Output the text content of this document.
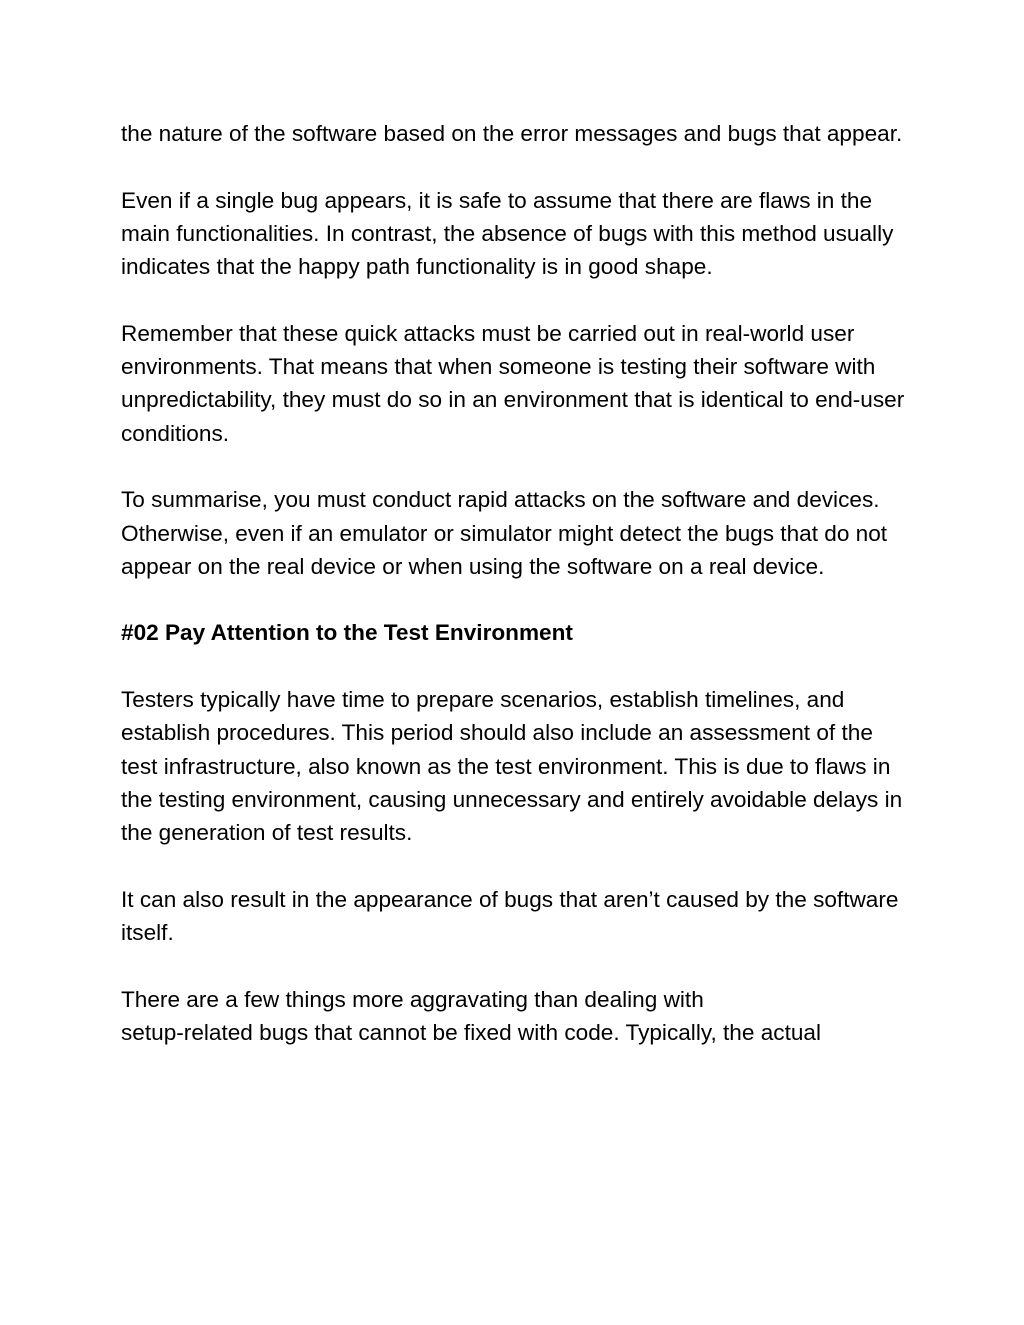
the nature of the software based on the error messages and bugs that appear.

Even if a single bug appears, it is safe to assume that there are flaws in the main functionalities. In contrast, the absence of bugs with this method usually indicates that the happy path functionality is in good shape.

Remember that these quick attacks must be carried out in real-world user environments. That means that when someone is testing their software with unpredictability, they must do so in an environment that is identical to end-user conditions.

To summarise, you must conduct rapid attacks on the software and devices. Otherwise, even if an emulator or simulator might detect the bugs that do not appear on the real device or when using the software on a real device.

#02 Pay Attention to the Test Environment

Testers typically have time to prepare scenarios, establish timelines, and establish procedures. This period should also include an assessment of the test infrastructure, also known as the test environment. This is due to flaws in the testing environment, causing unnecessary and entirely avoidable delays in the generation of test results.

It can also result in the appearance of bugs that aren’t caused by the software itself.

There are a few things more aggravating than dealing with
setup-related bugs that cannot be fixed with code. Typically, the actual
